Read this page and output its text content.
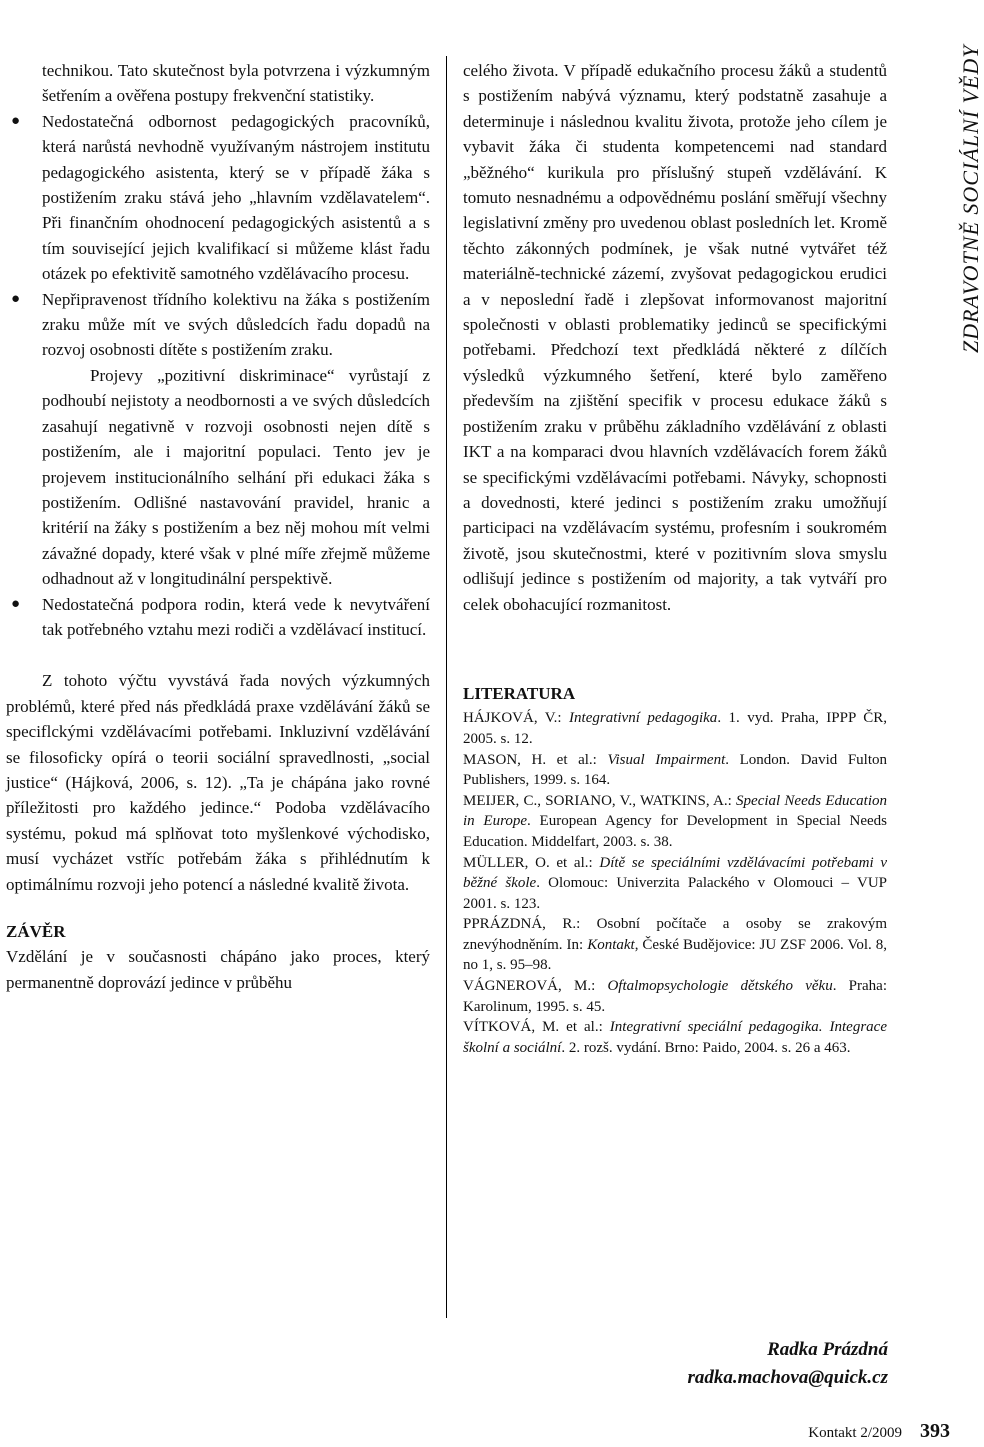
ZDRAVOTNĚ SOCIÁLNÍ VĚDY

technikou. Tato skutečnost byla potvrzena i výzkumným šetřením a ověřena postupy frekvenční statistiky.

● Nedostatečná odbornost pedagogických pracovníků, která narůstá nevhodně využívaným nástrojem institutu pedagogického asistenta, který se v případě žáka s postižením zraku stává jeho „hlavním vzdělavatelem“. Při finančním ohodnocení pedagogických asistentů a s tím související jejich kvalifikací si můžeme klást řadu otázek po efektivitě samotného vzdělávacího procesu.

● Nepřipravenost třídního kolektivu na žáka s postižením zraku může mít ve svých důsledcích řadu dopadů na rozvoj osobnosti dítěte s postižením zraku.

Projevy „pozitivní diskriminace“ vyrůstají z podhoubí nejistoty a neodbornosti a ve svých důsledcích zasahují negativně v rozvoji osobnosti nejen dítě s postižením, ale i majoritní populaci. Tento jev je projevem institucionálního selhání při edukaci žáka s postižením. Odlišné nastavování pravidel, hranic a kritérií na žáky s postižením a bez něj mohou mít velmi závažné dopady, které však v plné míře zřejmě můžeme odhadnout až v longitudinální perspektivě.

● Nedostatečná podpora rodin, která vede k nevytváření tak potřebného vztahu mezi rodiči a vzdělávací institucí.

Z tohoto výčtu vyvstává řada nových výzkumných problémů, které před nás předkládá praxe vzdělávání žáků se speciflckými vzdělávacími potřebami. Inkluzivní vzdělávání se filosoficky opírá o teorii sociální spravedlnosti, „social justice“ (Hájková, 2006, s. 12). „Ta je chápána jako rovné příležitosti pro každého jedince.“ Podoba vzdělávacího systému, pokud má splňovat toto myšlenkové východisko, musí vycházet vstříc potřebám žáka s přihlédnutím k optimálnímu rozvoji jeho potencí a následné kvalitě života.

ZÁVĚR

Vzdělání je v současnosti chápáno jako proces, který permanentně doprovází jedince v průběhu

celého života. V případě edukačního procesu žáků a studentů s postižením nabývá významu, který podstatně zasahuje a determinuje i následnou kvalitu života, protože jeho cílem je vybavit žáka či studenta kompetencemi nad standard „běžného“ kurikula pro příslušný stupeň vzdělávání. K tomuto nesnadnému a odpovědnému poslání směřují všechny legislativní změny pro uvedenou oblast posledních let. Kromě těchto zákonných podmínek, je však nutné vytvářet též materiálně-technické zázemí, zvyšovat pedagogickou erudici a v neposlední řadě i zlepšovat informovanost majoritní společnosti v oblasti problematiky jedinců se specifickými potřebami. Předchozí text předkládá některé z dílčích výsledků výzkumného šetření, které bylo zaměřeno především na zjištění specifik v procesu edukace žáků s postižením zraku v průběhu základního vzdělávání z oblasti IKT a na komparaci dvou hlavních vzdělávacích forem žáků se specifickými vzdělávacími potřebami. Návyky, schopnosti a dovednosti, které jedinci s postižením zraku umožňují participaci na vzdělávacím systému, profesním i soukromém životě, jsou skutečnostmi, které v pozitivním slova smyslu odlišují jedince s postižením od majority, a tak vytváří pro celek obohacující rozmanitost.

LITERATURA

HÁJKOVÁ, V.: Integrativní pedagogika. 1. vyd. Praha, IPPP ČR, 2005. s. 12.

MASON, H. et al.: Visual Impairment. London. David Fulton Publishers, 1999. s. 164.

MEIJER, C., SORIANO, V., WATKINS, A.: Special Needs Education in Europe. European Agency for Development in Special Needs Education. Middelfart, 2003. s. 38.

MÜLLER, O. et al.: Dítě se speciálními vzdělávacími potřebami v běžné škole. Olomouc: Univerzita Palackého v Olomouci – VUP 2001. s. 123.

PPRÁZDNÁ, R.: Osobní počítače a osoby se zrakovým znevýhodněním. In: Kontakt, České Budějovice: JU ZSF 2006. Vol. 8, no 1, s. 95–98.

VÁGNEROVÁ, M.: Oftalmopsychologie dětského věku. Praha: Karolinum, 1995. s. 45.

VÍTKOVÁ, M. et al.: Integrativní speciální pedagogika. Integrace školní a sociální. 2. rozš. vydání. Brno: Paido, 2004. s. 26 a 463.

Radka Prázdná
radka.machova@quick.cz
Kontakt 2/2009 393
